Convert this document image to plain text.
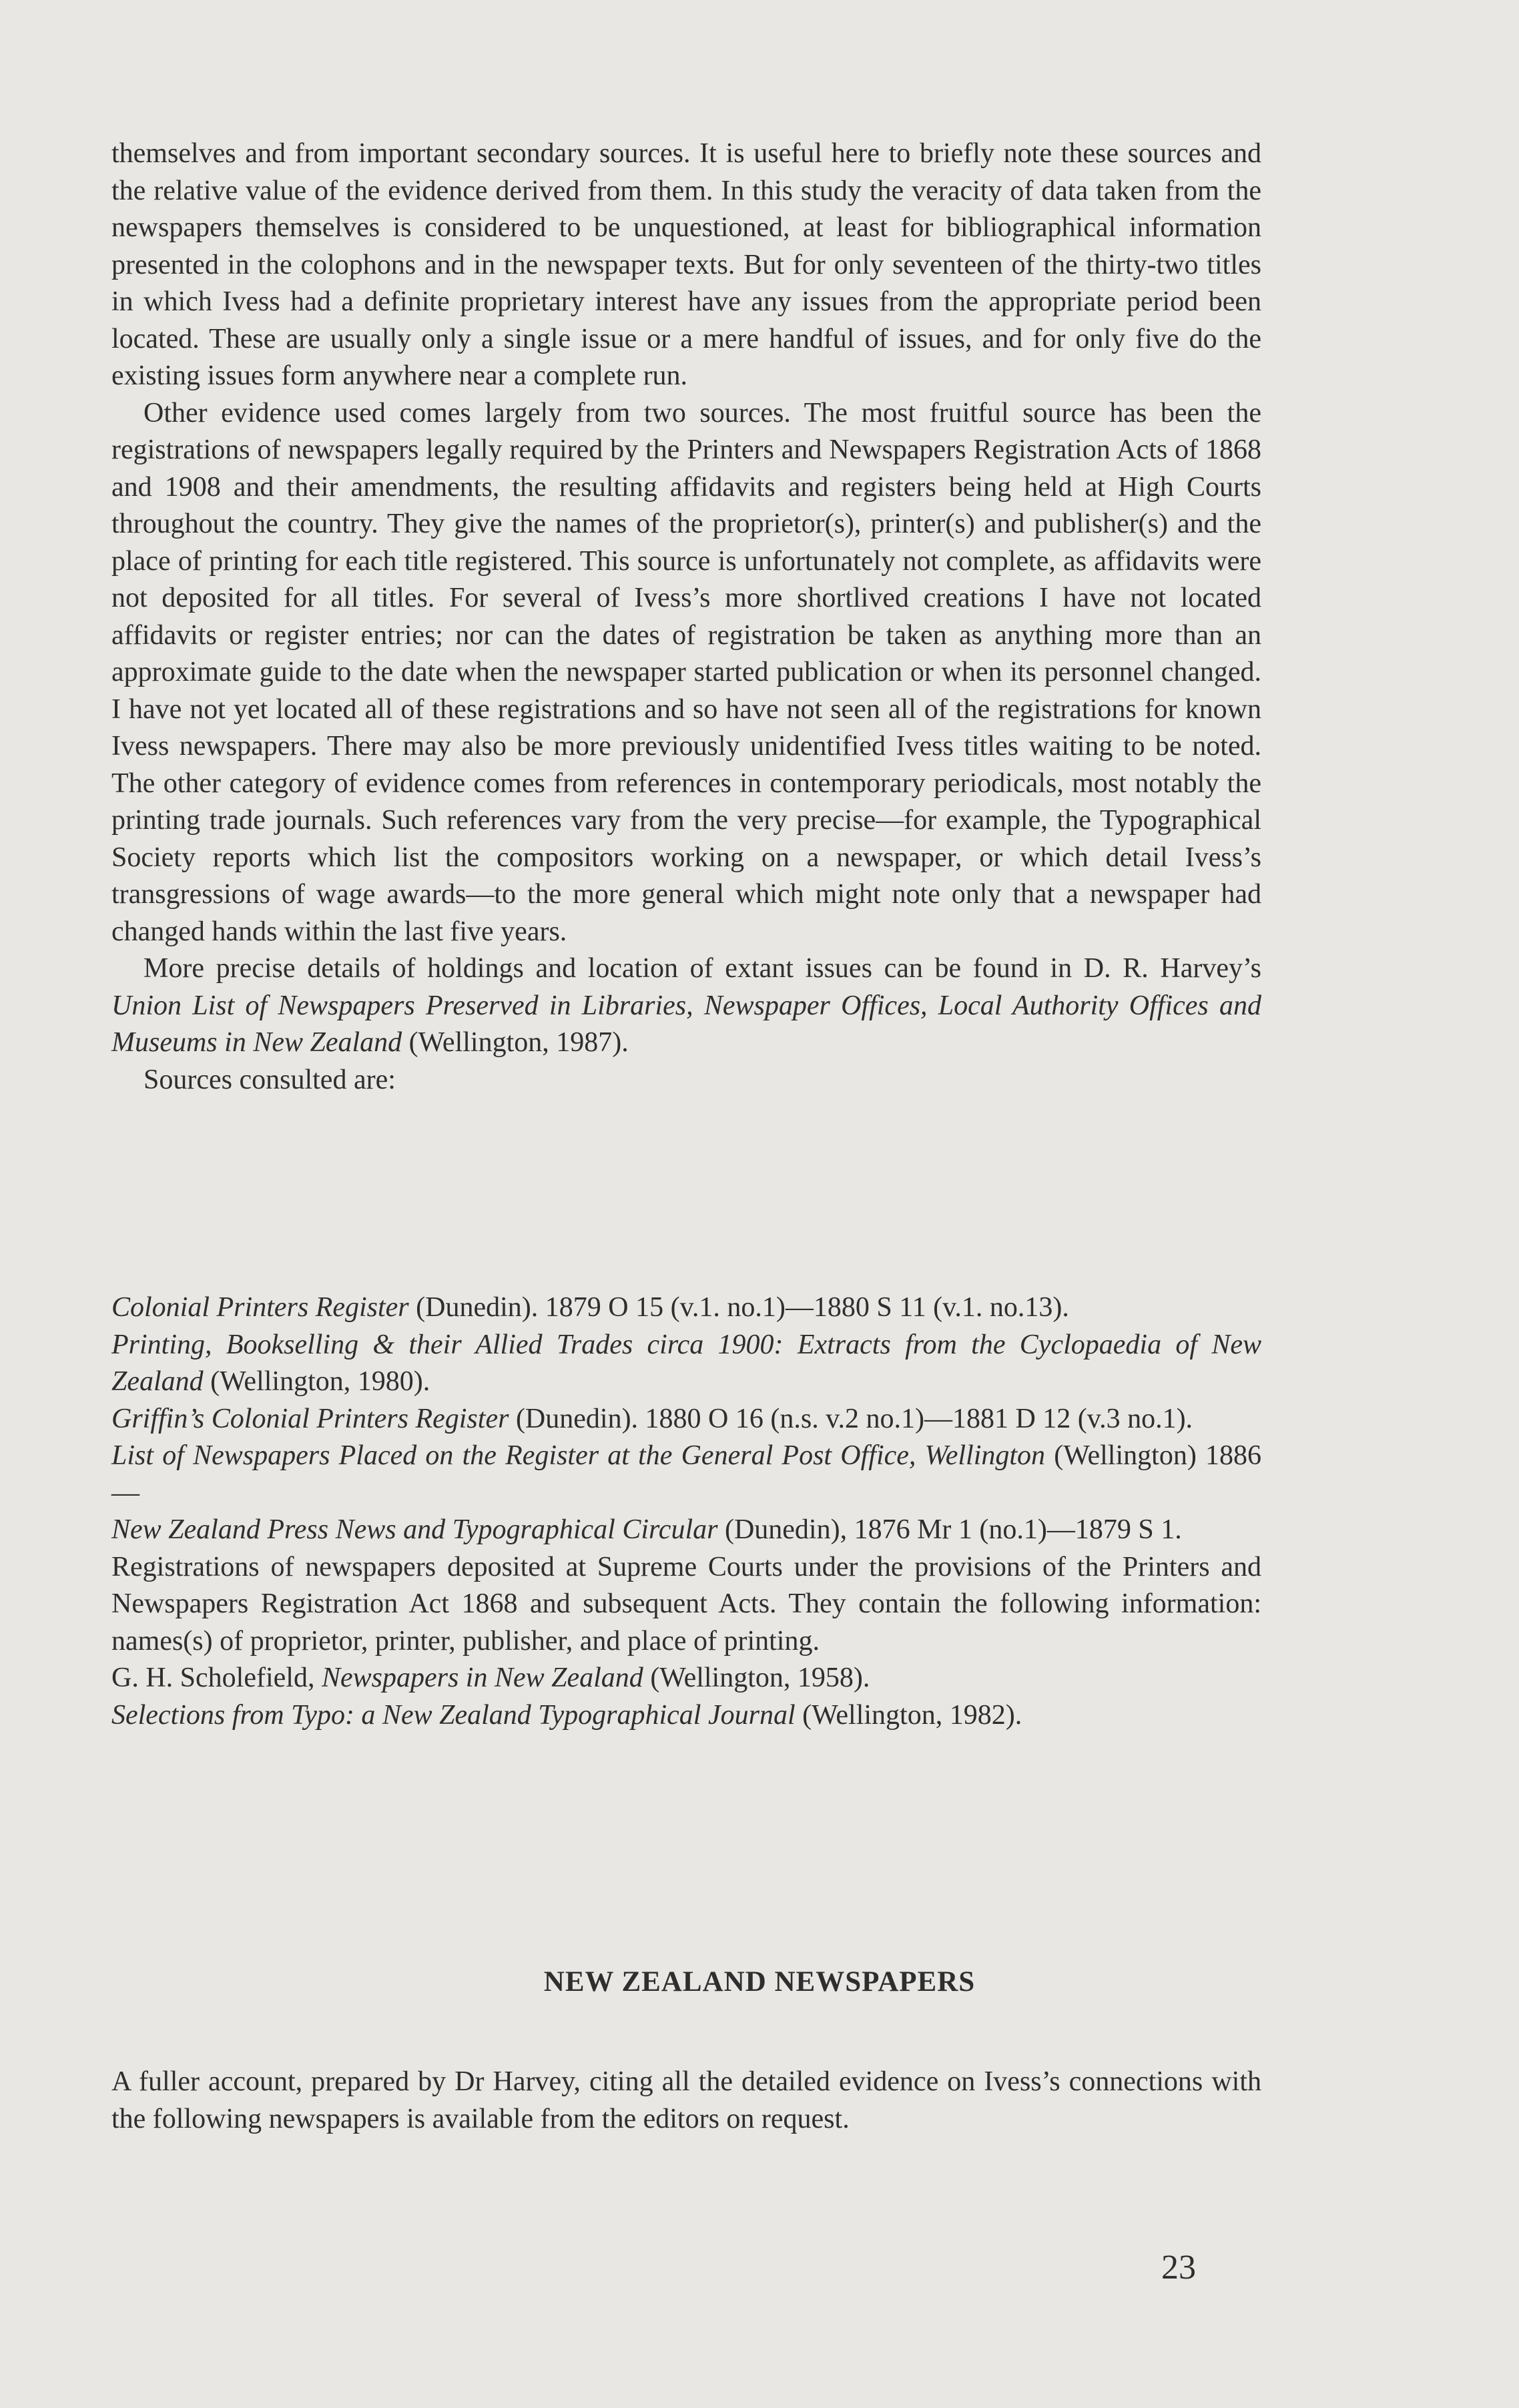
themselves and from important secondary sources. It is useful here to briefly note these sources and the relative value of the evidence derived from them. In this study the veracity of data taken from the newspapers themselves is considered to be unquestioned, at least for bibliographical information presented in the colophons and in the newspaper texts. But for only seventeen of the thirty-two titles in which Ivess had a definite proprietary interest have any issues from the appropriate period been located. These are usually only a single issue or a mere handful of issues, and for only five do the existing issues form anywhere near a complete run.

Other evidence used comes largely from two sources. The most fruitful source has been the registrations of newspapers legally required by the Printers and Newspapers Registration Acts of 1868 and 1908 and their amendments, the resulting affidavits and registers being held at High Courts throughout the country. They give the names of the proprietor(s), printer(s) and publisher(s) and the place of printing for each title registered. This source is unfortunately not complete, as affidavits were not deposited for all titles. For several of Ivess’s more shortlived creations I have not located affidavits or register entries; nor can the dates of registration be taken as anything more than an approximate guide to the date when the newspaper started publication or when its personnel changed. I have not yet located all of these registrations and so have not seen all of the registrations for known Ivess newspapers. There may also be more previously unidentified Ivess titles waiting to be noted. The other category of evidence comes from references in contemporary periodicals, most notably the printing trade journals. Such references vary from the very precise—for example, the Typographical Society reports which list the compositors working on a newspaper, or which detail Ivess’s transgressions of wage awards—to the more general which might note only that a newspaper had changed hands within the last five years.

More precise details of holdings and location of extant issues can be found in D. R. Harvey’s Union List of Newspapers Preserved in Libraries, Newspaper Offices, Local Authority Offices and Museums in New Zealand (Wellington, 1987).

Sources consulted are:

Colonial Printers Register (Dunedin). 1879 O 15 (v.1. no.1)—1880 S 11 (v.1. no.13).

Printing, Bookselling & their Allied Trades circa 1900: Extracts from the Cyclopaedia of New Zealand (Wellington, 1980).

Griffin’s Colonial Printers Register (Dunedin). 1880 O 16 (n.s. v.2 no.1)—1881 D 12 (v.3 no.1).

List of Newspapers Placed on the Register at the General Post Office, Wellington (Wellington) 1886—

New Zealand Press News and Typographical Circular (Dunedin), 1876 Mr 1 (no.1)—1879 S 1.

Registrations of newspapers deposited at Supreme Courts under the provisions of the Printers and Newspapers Registration Act 1868 and subsequent Acts. They contain the following information: names(s) of proprietor, printer, publisher, and place of printing.

G. H. Scholefield, Newspapers in New Zealand (Wellington, 1958).

Selections from Typo: a New Zealand Typographical Journal (Wellington, 1982).

NEW ZEALAND NEWSPAPERS

A fuller account, prepared by Dr Harvey, citing all the detailed evidence on Ivess’s connections with the following newspapers is available from the editors on request.

23
